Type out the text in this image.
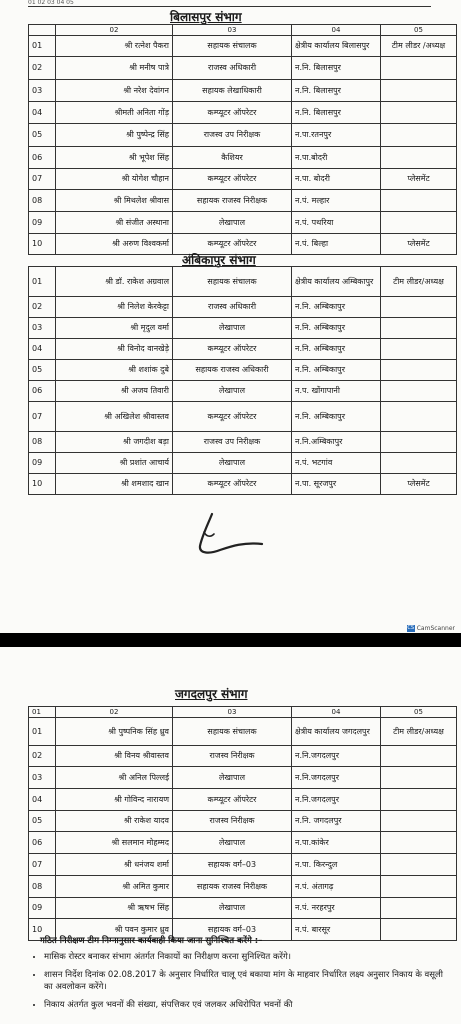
01 02 03 04 05
बिलासपुर संभाग
	02	03	04	05
01	श्री रत्नेश पैकरा	सहायक संचालक	क्षेत्रीय कार्यालय बिलासपुर	टीम लीडर /अध्यक्ष
02	श्री मनीष पात्रे	राजस्व अधिकारी	न.नि. बिलासपुर	
03	श्री नरेश देवांगन	सहायक लेखाधिकारी	न.नि. बिलासपुर	
04	श्रीमती अनिता गोंड़	कम्प्यूटर ऑपरेटर	न.नि. बिलासपुर	
05	श्री पुष्पेन्द्र सिंह	राजस्व उप निरीक्षक	न.पा.रतनपुर	
06	श्री भूपेश सिंह	कैशियर	न.पा.बोदरी	
07	श्री योगेश चौहान	कम्प्यूटर ऑपरेटर	न.पा. बोदरी	प्लेसमेंट
08	श्री मिथलेश श्रीवास	सहायक राजस्व निरीक्षक	न.पं. मल्हार	
09	श्री संजीत अस्थाना	लेखापाल	न.पं. पथरिया	
10	श्री अरुण विश्वकर्मा	कम्प्यूटर ऑपरेटर	न.पं. बिल्हा	प्लेसमेंट
अंबिकापुर संभाग
01	श्री डॉ. राकेश अग्रवाल	सहायक संचालक	क्षेत्रीय कार्यालय अम्बिकापुर	टीम लीडर/अध्यक्ष
02	श्री निलेश केरकेट्टा	राजस्व अधिकारी	न.नि. अम्बिकापुर	
03	श्री मृदुल वर्मा	लेखापाल	न.नि. अम्बिकापुर	
04	श्री विनोद वानखेड़े	कम्प्यूटर ऑपरेटर	न.नि. अम्बिकापुर	
05	श्री शशांक दुबे	सहायक राजस्व अधिकारी	न.नि. अम्बिकापुर	
06	श्री अजय तिवारी	लेखापाल	न.प. खोंगापानी	
07	श्री अखिलेश श्रीवास्तव	कम्प्यूटर ऑपरेटर	न.नि. अम्बिकापुर	
08	श्री जगदीश बड़ा	राजस्व उप निरीक्षक	न.नि.अम्बिकापुर	
09	श्री प्रशांत आचार्य	लेखापाल	न.पं. भटगांव	
10	श्री शमशाद खान	कम्प्यूटर ऑपरेटर	न.पा. सूरजपुर	प्लेसमेंट
CS CamScanner
जगदलपुर संभाग
01	02	03	04	05
01	श्री पुष्पनिक सिंह ध्रुव	सहायक संचालक	क्षेत्रीय कार्यालय जगदलपुर	टीम लीडर/अध्यक्ष
02	श्री विनय श्रीवास्तव	राजस्व निरीक्षक	न.नि.जगदलपुर	
03	श्री अनिल पिल्लई	लेखापाल	न.नि.जगदलपुर	
04	श्री गोविन्द नारायण	कम्प्यूटर ऑपरेटर	न.नि.जगदलपुर	
05	श्री राकेश यादव	राजस्व निरीक्षक	न.नि. जगदलपुर	
06	श्री सलमान मोहम्मद	लेखापाल	न.पा.कांकेर	
07	श्री धनंजय शर्मा	सहायक वर्ग–03	न.पा. किरन्दुल	
08	श्री अमित कुमार	सहायक राजस्व निरीक्षक	न.पं. अंतागढ़	
09	श्री ऋषभ सिंह	लेखापाल	न.पं. नरहरपुर	
10	श्री पवन कुमार ध्रुव	सहायक वर्ग–03	न.पं. बारसूर	
गठित निरीक्षण टीम निम्नानुसार कार्यवाही किया जाना सुनिश्चित करेंगे :–
• मासिक रोस्टर बनाकर संभाग अंतर्गत निकायों का निरीक्षण करना सुनिश्चित करेंगे।
• शासन निर्देश दिनांक 02.08.2017 के अनुसार निर्धारित चालू एवं बकाया मांग के माहवार निर्धारित लक्ष्य अनुसार निकाय के वसूली का अवलोकन करेंगे।
• निकाय अंतर्गत कुल भवनों की संख्या, संपत्तिकर एवं जलकर अधिरोपित भवनों की
